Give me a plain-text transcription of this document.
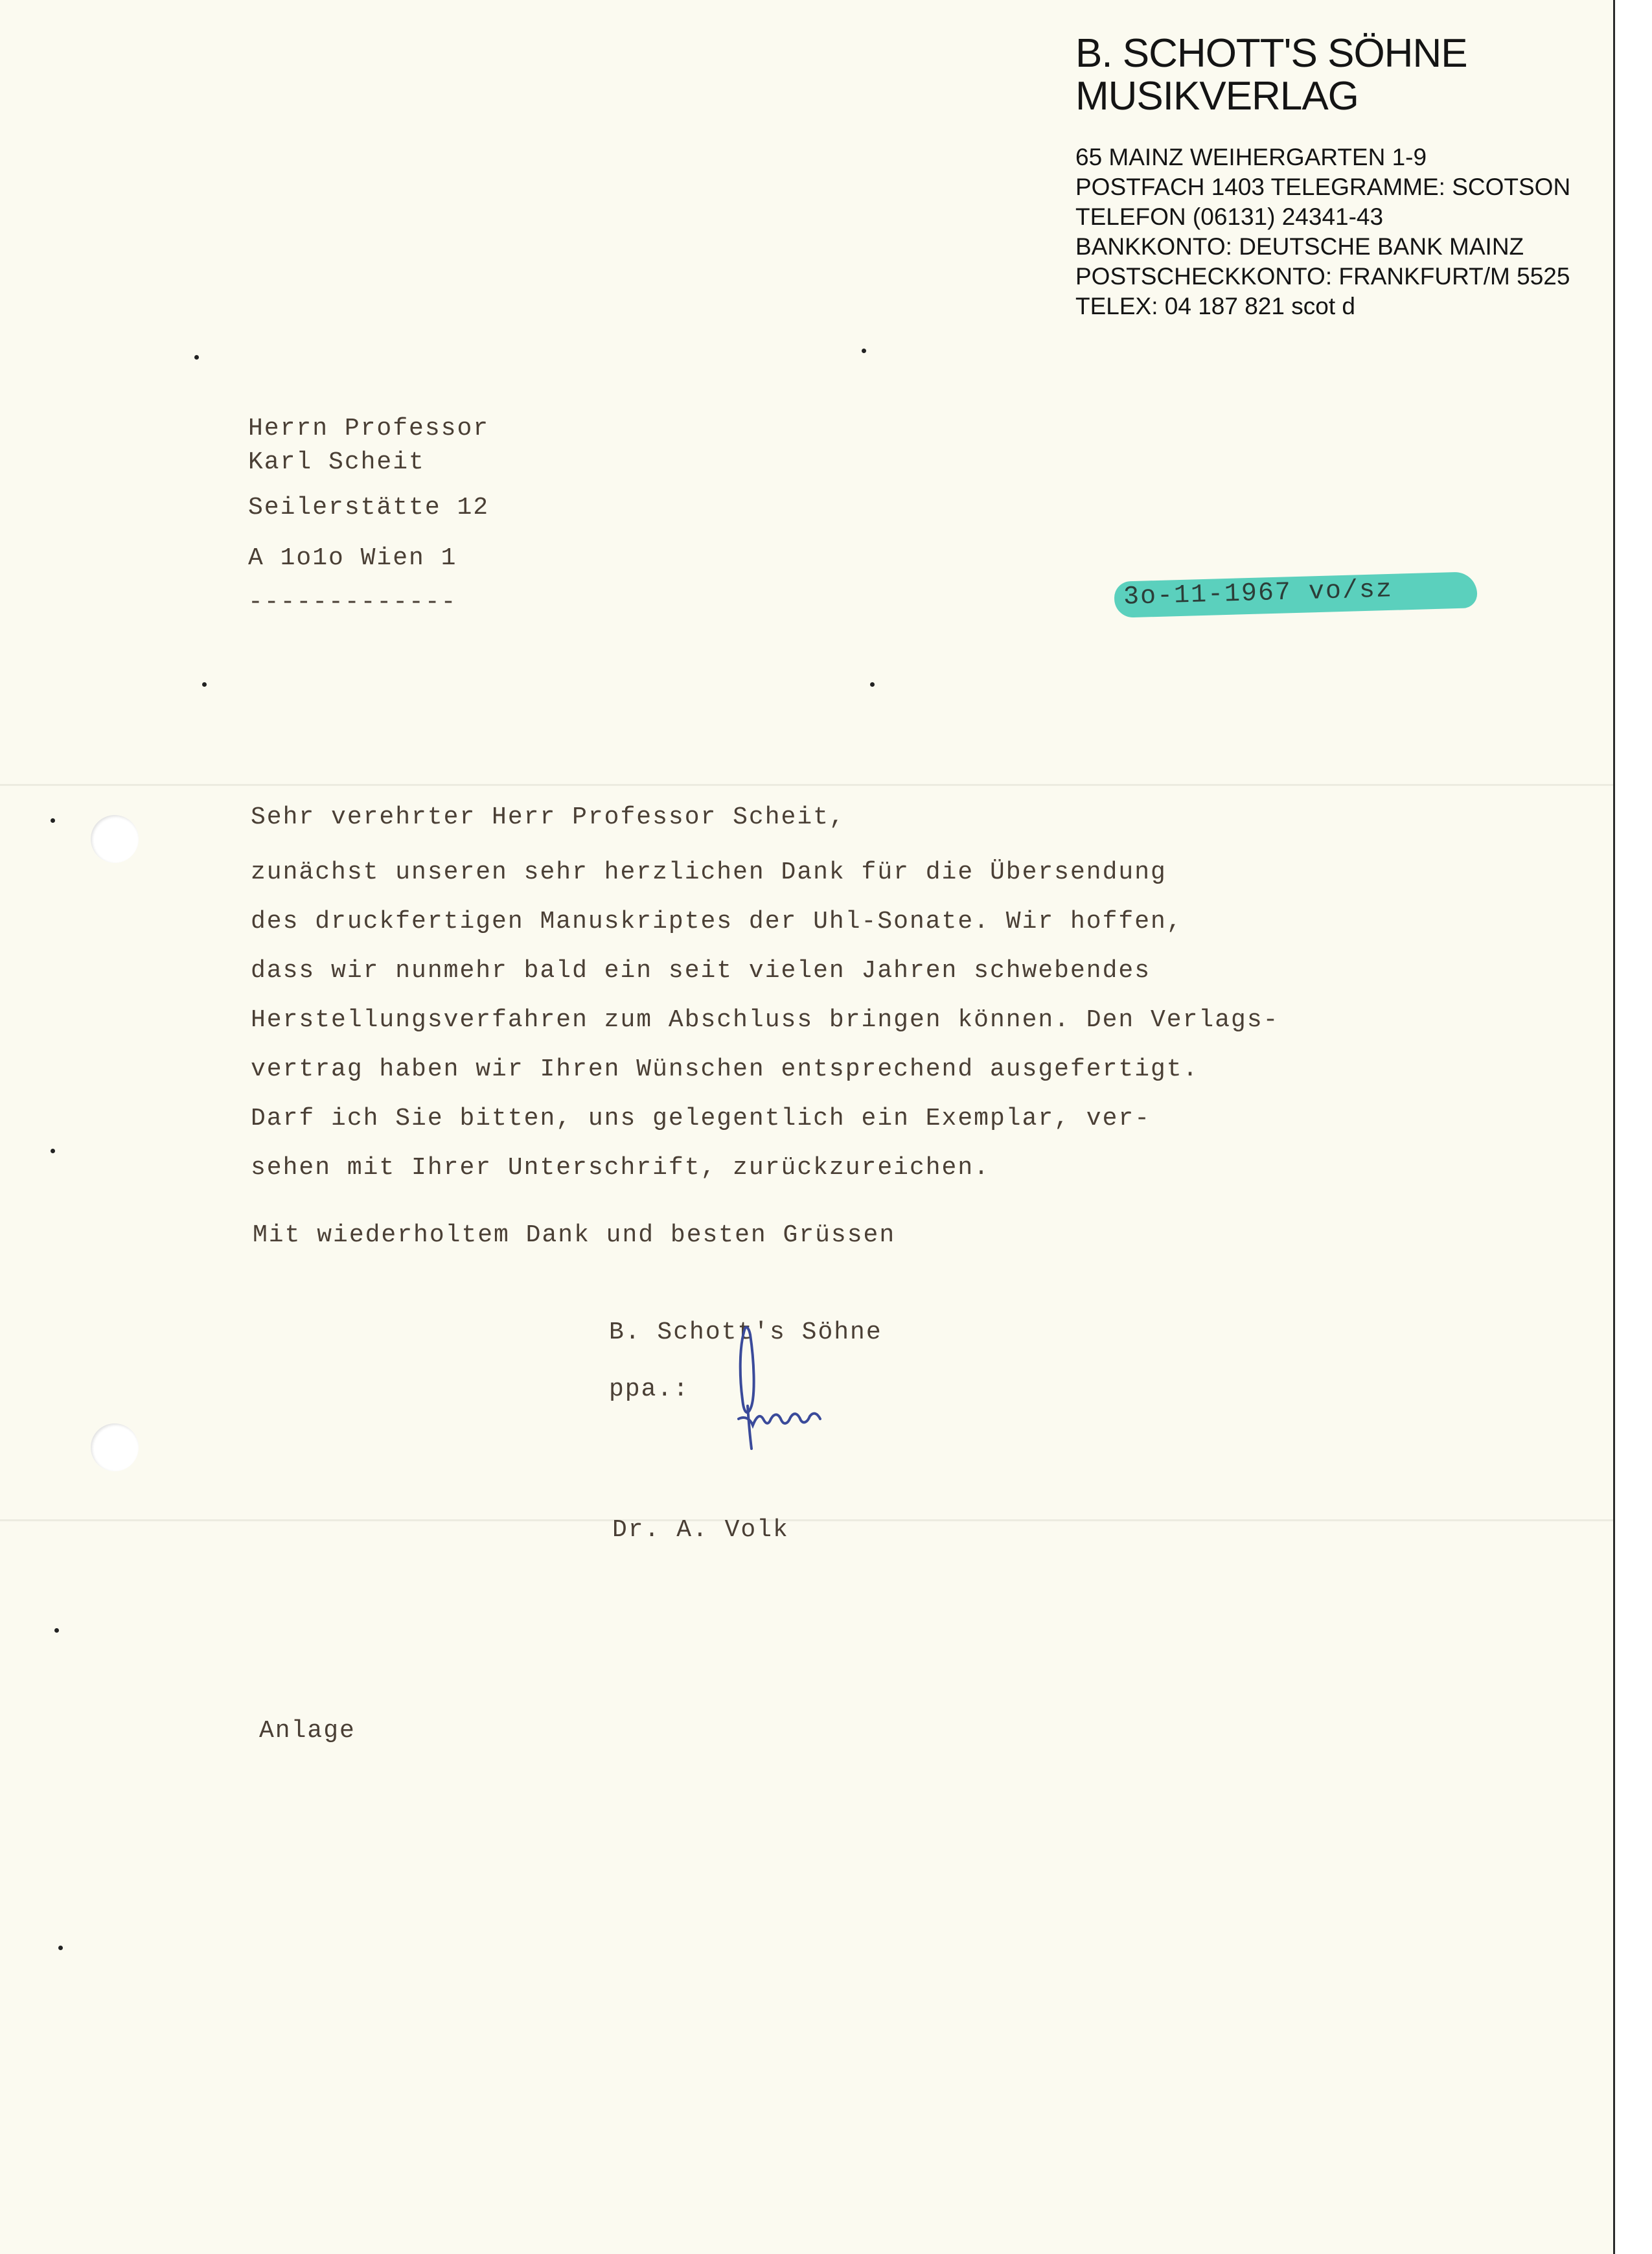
B. SCHOTT'S SÖHNE
MUSIKVERLAG
65 MAINZ WEIHERGARTEN 1-9
POSTFACH 1403 TELEGRAMME: SCOTSON
TELEFON (06131) 24341-43
BANKKONTO: DEUTSCHE BANK MAINZ
POSTSCHECKKONTO: FRANKFURT/M 5525
TELEX: 04 187 821 scot d

Herrn Professor

Karl Scheit

Seilerstätte 12

A 1o1o Wien 1

-------------

	3o-11-1967 vo/sz
Sehr verehrter Herr Professor Scheit,

zunächst unseren sehr herzlichen Dank für die Übersendung

des druckfertigen Manuskriptes der Uhl-Sonate. Wir hoffen,

dass wir nunmehr bald ein seit vielen Jahren schwebendes

Herstellungsverfahren zum Abschluss bringen können. Den Verlags-

vertrag haben wir Ihren Wünschen entsprechend ausgefertigt.

Darf ich Sie bitten, uns gelegentlich ein Exemplar, ver-

sehen mit Ihrer Unterschrift, zurückzureichen.

Mit wiederholtem Dank und besten Grüssen

B. Schott's Söhne

ppa.:

Dr. A. Volk
Anlage
